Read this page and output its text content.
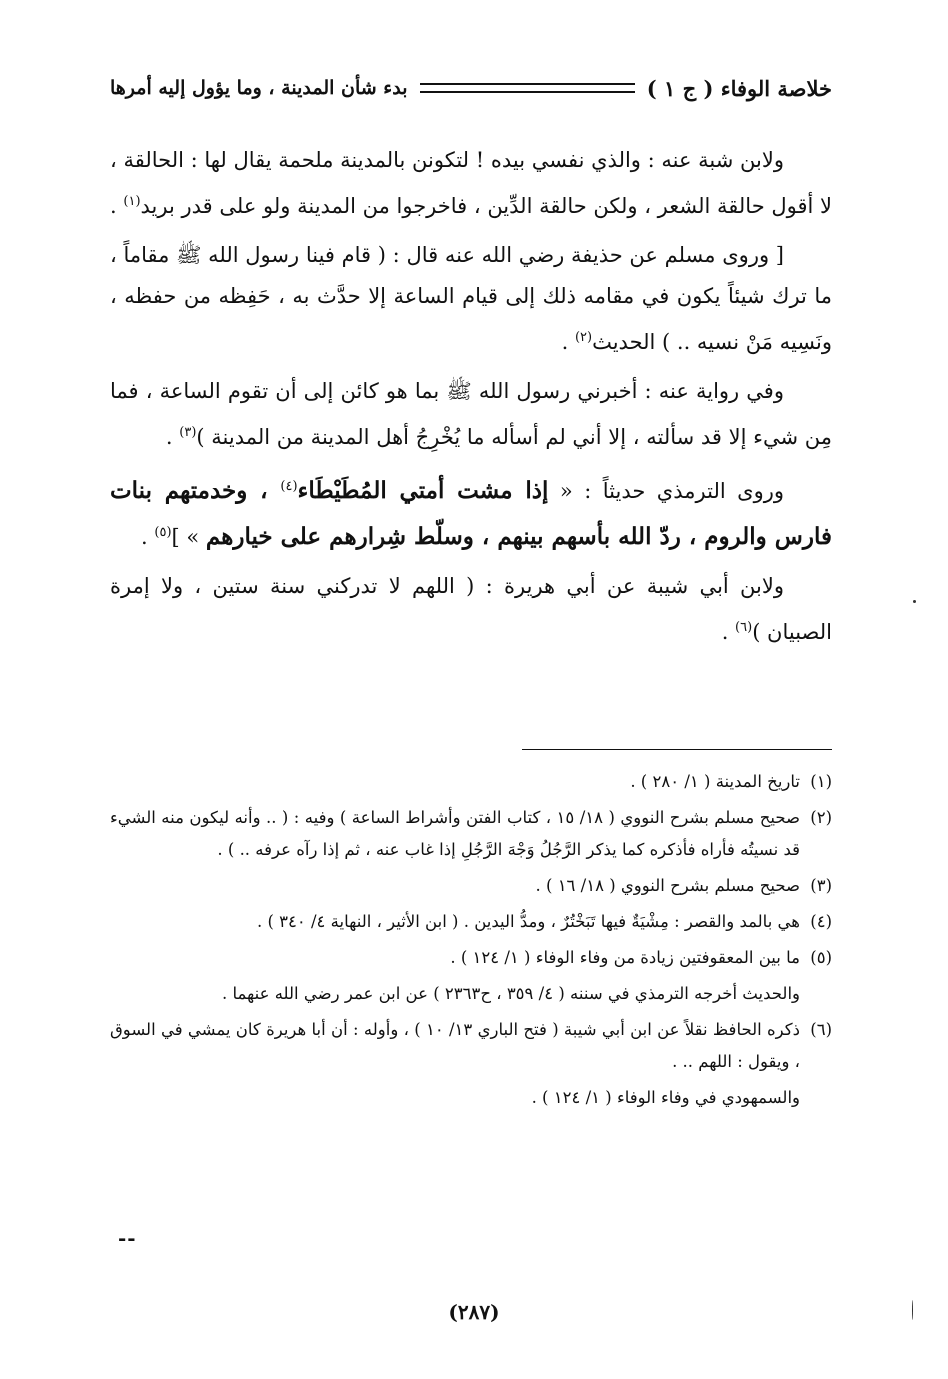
خلاصة الوفاء ( ج ١ )
بدء شأن المدينة ، وما يؤول إليه أمرها

ولابن شبة عنه : والذي نفسي بيده ! لتكونن بالمدينة ملحمة يقال لها : الحالقة ، لا أقول حالقة الشعر ، ولكن حالقة الدِّين ، فاخرجوا من المدينة ولو على قدر بريد$^{(١)}$ .

[ وروى مسلم عن حذيفة رضي الله عنه قال : ( قام فينا رسول الله ﷺ مقاماً ، ما ترك شيئاً يكون في مقامه ذلك إلى قيام الساعة إلا حدَّث به ، حَفِظه من حفظه ، ونَسِيه مَنْ نسيه .. ) الحديث$^{(٢)}$ .

وفي رواية عنه : أخبرني رسول الله ﷺ بما هو كائن إلى أن تقوم الساعة ، فما مِن شيء إلا قد سألته ، إلا أني لم أسأله ما يُخْرِجُ أهل المدينة من المدينة )$^{(٣)}$ .

وروى الترمذي حديثاً : « إذا مشت أمتي المُطَيْطَاء$^{(٤)}$ ، وخدمتهم بنات فارس والروم ، ردّ الله بأسهم بينهم ، وسلّط شِرارهم على خيارهم » ]$^{(٥)}$ .

ولابن أبي شيبة عن أبي هريرة : ( اللهم لا تدركني سنة ستين ، ولا إمرة الصبيان )$^{(٦)}$ .

(١)
تاريخ المدينة ( ١/ ٢٨٠ ) .
(٢)
صحيح مسلم بشرح النووي ( ١٨/ ١٥ ، كتاب الفتن وأشراط الساعة ) وفيه : ( .. وأنه ليكون منه الشيء قد نسيتُه فأراه فأذكره كما يذكر الرَّجُلُ وَجْهَ الرَّجُلِ إذا غاب عنه ، ثم إذا رآه عرفه .. ) .
(٣)
صحيح مسلم بشرح النووي ( ١٨/ ١٦ ) .
(٤)
هي بالمد والقصر : مِشْيَةٌ فيها تَبَخْتُرٌ ، ومدُّ اليدين . ( ابن الأثير ، النهاية ٤/ ٣٤٠ ) .
(٥)
ما بين المعقوفتين زيادة من وفاء الوفاء ( ١/ ١٢٤ ) .
والحديث أخرجه الترمذي في سننه ( ٤/ ٣٥٩ ، ح٢٣٦٣ ) عن ابن عمر رضي الله عنهما .
(٦)
ذكره الحافظ نقلاً عن ابن أبي شيبة ( فتح الباري ١٣/ ١٠ ) ، وأوله : أن أبا هريرة كان يمشي في السوق ، ويقول : اللهم .. .
والسمهودي في وفاء الوفاء ( ١/ ١٢٤ ) .
--
(٢٨٧)
